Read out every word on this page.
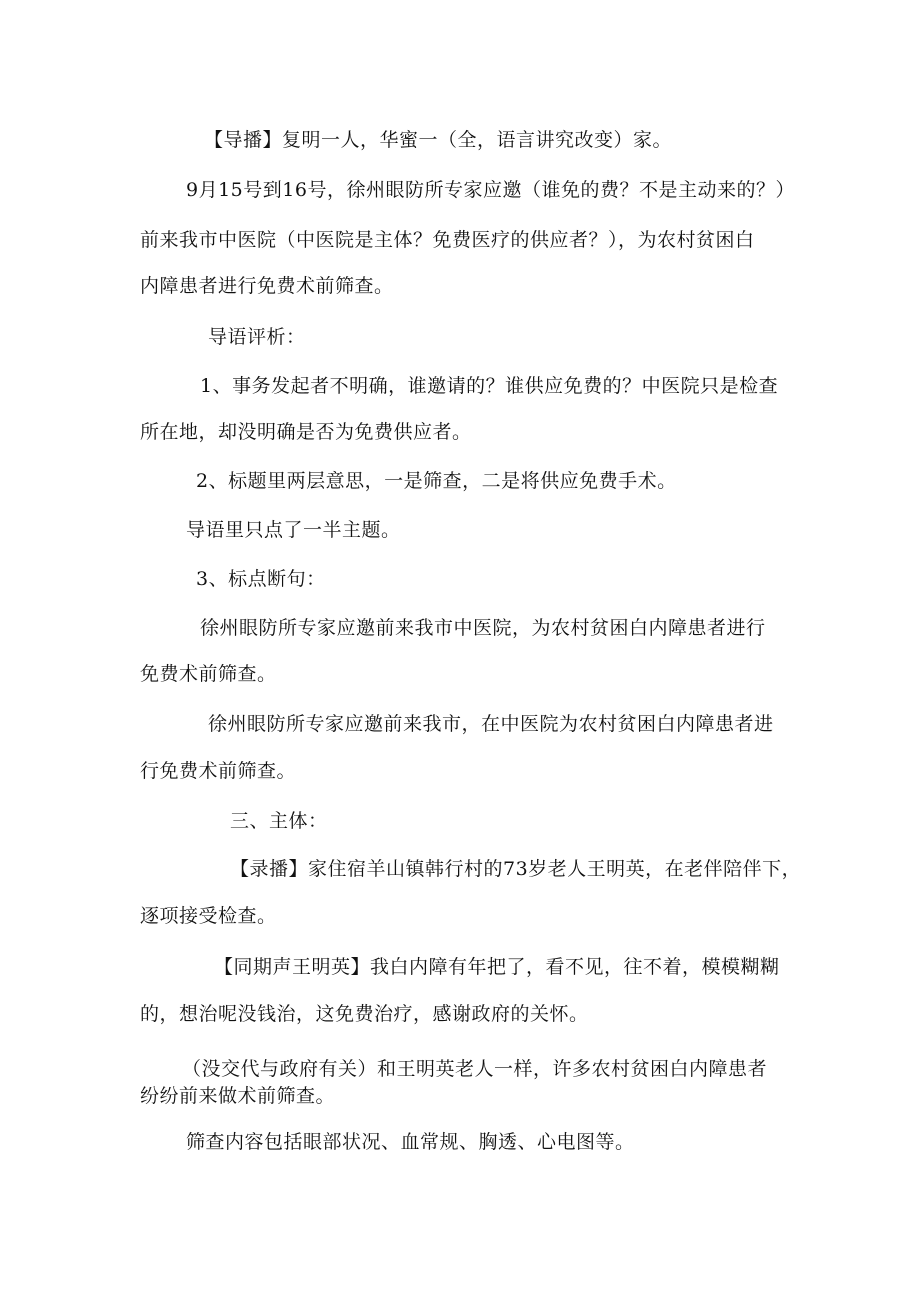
【导播】复明一人，华蜜一（全，语言讲究改变）家。
9月15号到16号，徐州眼防所专家应邀（谁免的费？不是主动来的？）
前来我市中医院（中医院是主体？免费医疗的供应者？），为农村贫困白
内障患者进行免费术前筛查。
导语评析：
1、事务发起者不明确，谁邀请的？谁供应免费的？中医院只是检查
所在地，却没明确是否为免费供应者。
2、标题里两层意思，一是筛查，二是将供应免费手术。
导语里只点了一半主题。
3、标点断句：
徐州眼防所专家应邀前来我市中医院，为农村贫困白内障患者进行
免费术前筛查。
徐州眼防所专家应邀前来我市，在中医院为农村贫困白内障患者进
行免费术前筛查。
三、主体：
【录播】家住宿羊山镇韩行村的73岁老人王明英，在老伴陪伴下，
逐项接受检查。
【同期声王明英】我白内障有年把了，看不见，往不着，模模糊糊
的，想治呢没钱治，这免费治疗，感谢政府的关怀。
（没交代与政府有关）和王明英老人一样，许多农村贫困白内障患者
纷纷前来做术前筛查。
筛查内容包括眼部状况、血常规、胸透、心电图等。
